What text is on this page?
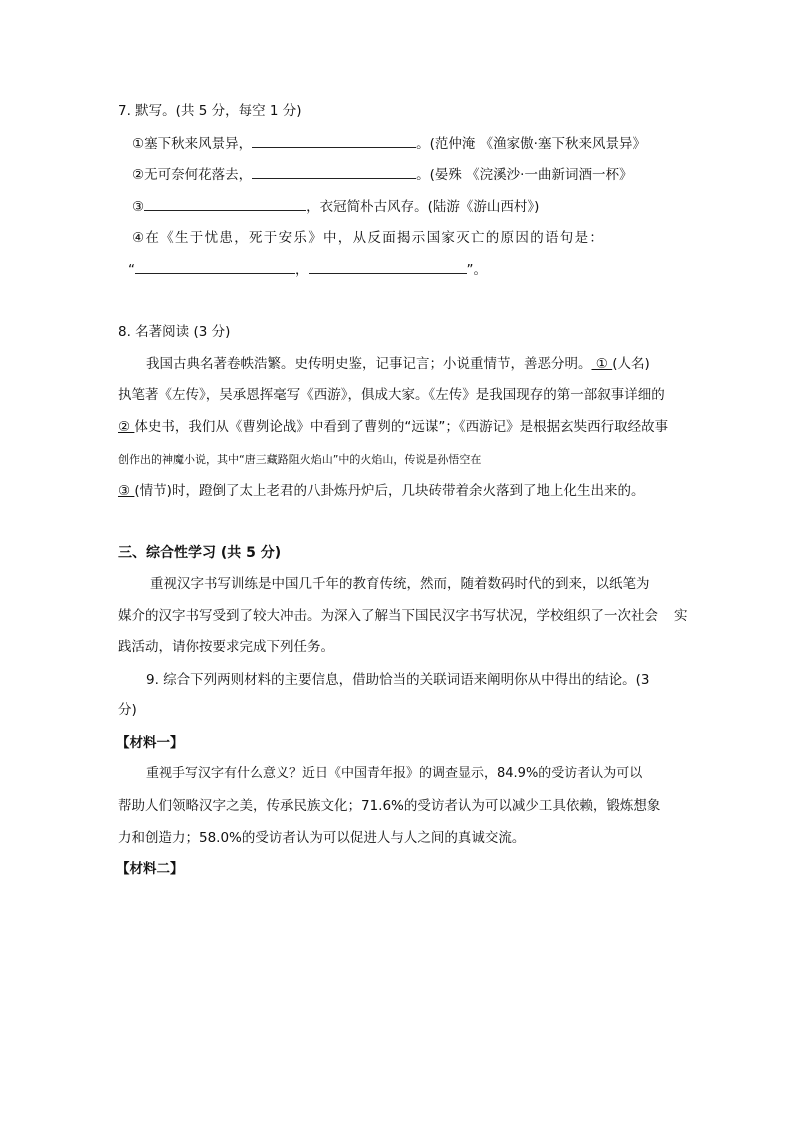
7. 默写。(共 5 分，每空 1 分)
①塞下秋来风景异，	。(范仲淹 《渔家傲·塞下秋来风景异》
②无可奈何花落去，	。(晏殊 《浣溪沙·一曲新词酒一杯》
③	，衣冠简朴古风存。(陆游《游山西村》)
④在《生于忧患，死于安乐》中，从反面揭示国家灭亡的原因的语句是：
“	，	”。
8. 名著阅读 (3 分)
我国古典名著卷帙浩繁。史传明史鉴，记事记言；小说重情节，善恶分明。 ① (人名)
执笔著《左传》，吴承恩挥毫写《西游》，俱成大家。《左传》是我国现存的第一部叙事详细的
② 体史书，我们从《曹刿论战》中看到了曹刿的“远谋”；《西游记》是根据玄奘西行取经故事
创作出的神魔小说，其中“唐三藏路阻火焰山”中的火焰山，传说是孙悟空在
③ (情节)时，蹬倒了太上老君的八卦炼丹炉后，几块砖带着余火落到了地上化生出来的。
三、综合性学习 (共 5 分)
重视汉字书写训练是中国几千年的教育传统，然而，随着数码时代的到来，以纸笔为
媒介的汉字书写受到了较大冲击。为深入了解当下国民汉字书写状况，学校组织了一次社会 实
践活动，请你按要求完成下列任务。
9. 综合下列两则材料的主要信息，借助恰当的关联词语来阐明你从中得出的结论。(3
分)
【材料一】
重视手写汉字有什么意义？近日《中国青年报》的调查显示，84.9%的受访者认为可以
帮助人们领略汉字之美，传承民族文化；71.6%的受访者认为可以减少工具依赖，锻炼想象
力和创造力；58.0%的受访者认为可以促进人与人之间的真诚交流。
【材料二】
